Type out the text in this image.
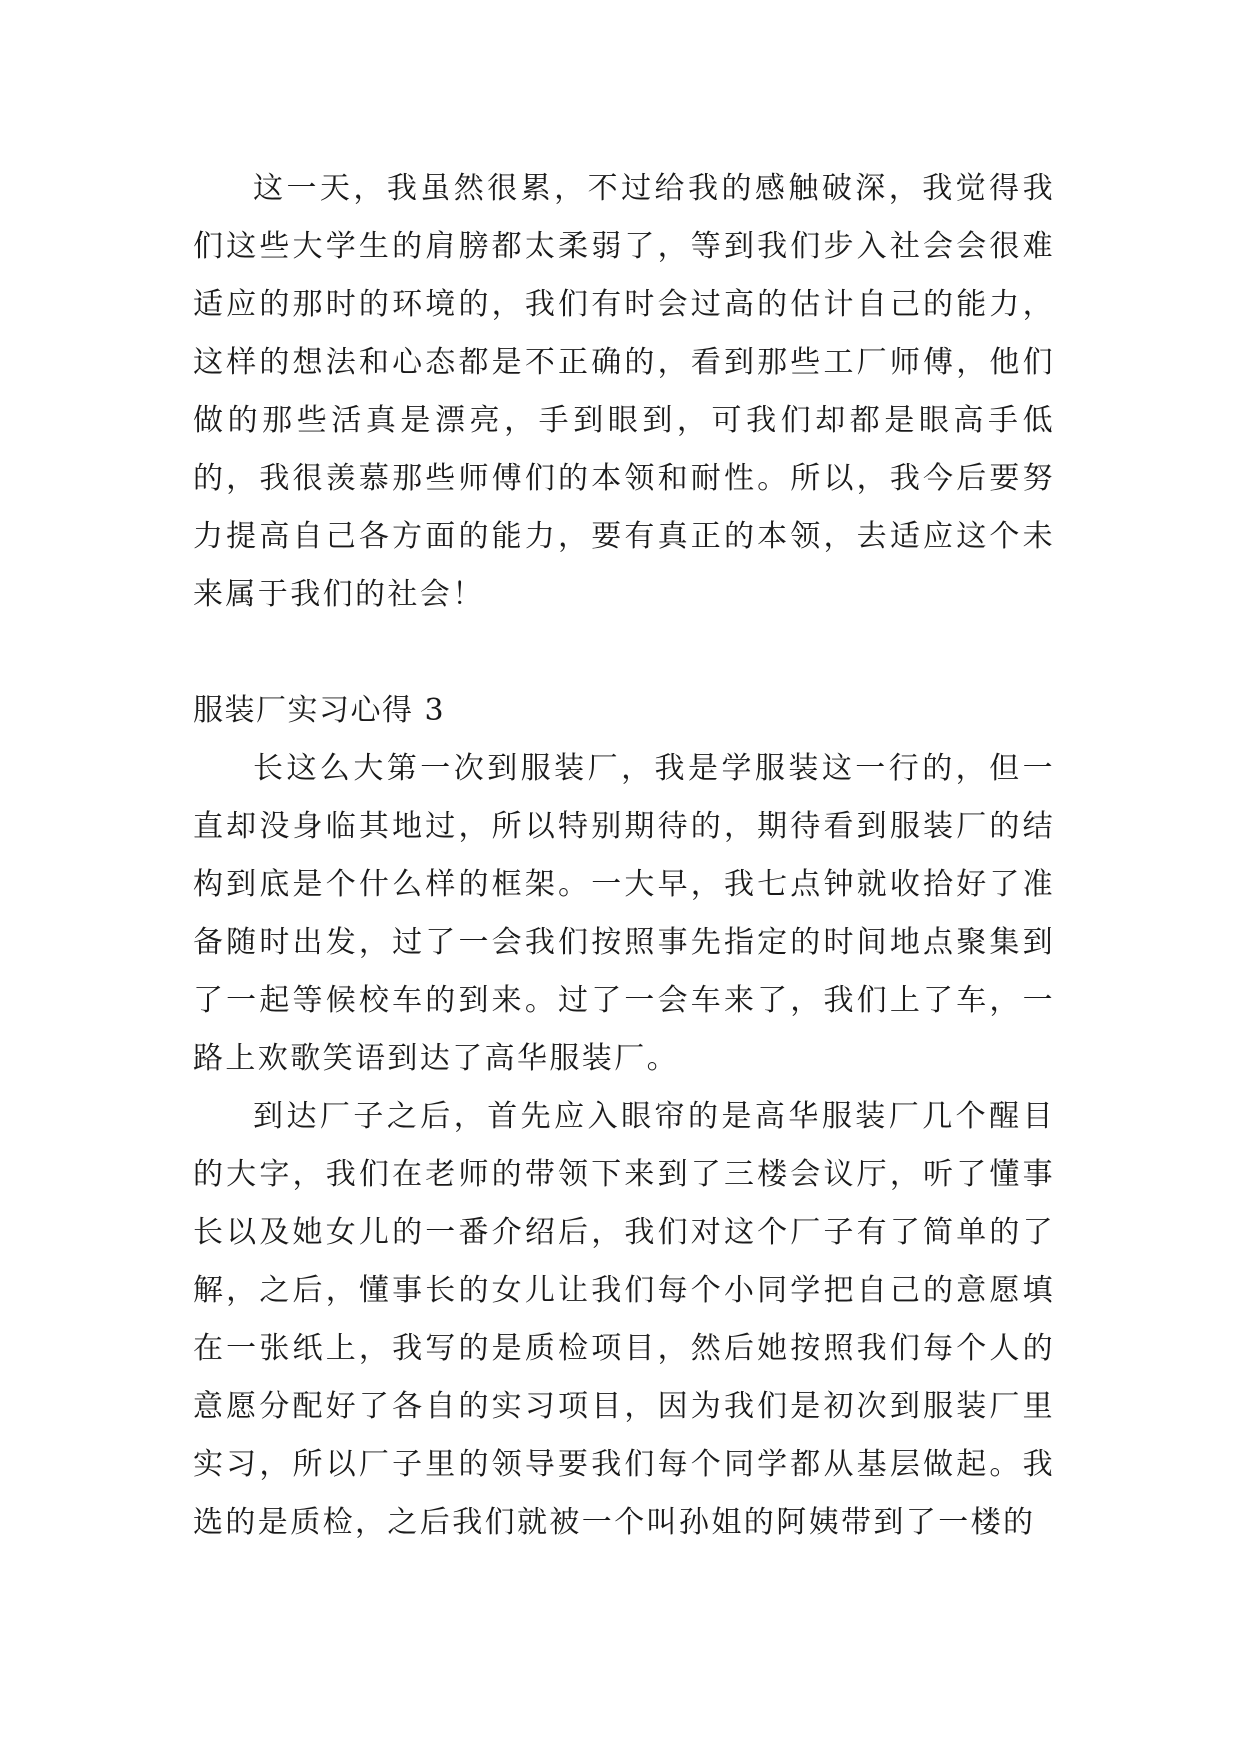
这一天，我虽然很累，不过给我的感触破深，我觉得我们这些大学生的肩膀都太柔弱了，等到我们步入社会会很难适应的那时的环境的，我们有时会过高的估计自己的能力，这样的想法和心态都是不正确的，看到那些工厂师傅，他们做的那些活真是漂亮，手到眼到，可我们却都是眼高手低的，我很羡慕那些师傅们的本领和耐性。所以，我今后要努力提高自己各方面的能力，要有真正的本领，去适应这个未来属于我们的社会！

服装厂实习心得 3

长这么大第一次到服装厂，我是学服装这一行的，但一直却没身临其地过，所以特别期待的，期待看到服装厂的结构到底是个什么样的框架。一大早，我七点钟就收拾好了准备随时出发，过了一会我们按照事先指定的时间地点聚集到了一起等候校车的到来。过了一会车来了，我们上了车，一路上欢歌笑语到达了高华服装厂。

到达厂子之后，首先应入眼帘的是高华服装厂几个醒目的大字，我们在老师的带领下来到了三楼会议厅，听了懂事长以及她女儿的一番介绍后，我们对这个厂子有了简单的了解，之后，懂事长的女儿让我们每个小同学把自己的意愿填在一张纸上，我写的是质检项目，然后她按照我们每个人的意愿分配好了各自的实习项目，因为我们是初次到服装厂里实习，所以厂子里的领导要我们每个同学都从基层做起。我选的是质检，之后我们就被一个叫孙姐的阿姨带到了一楼的
